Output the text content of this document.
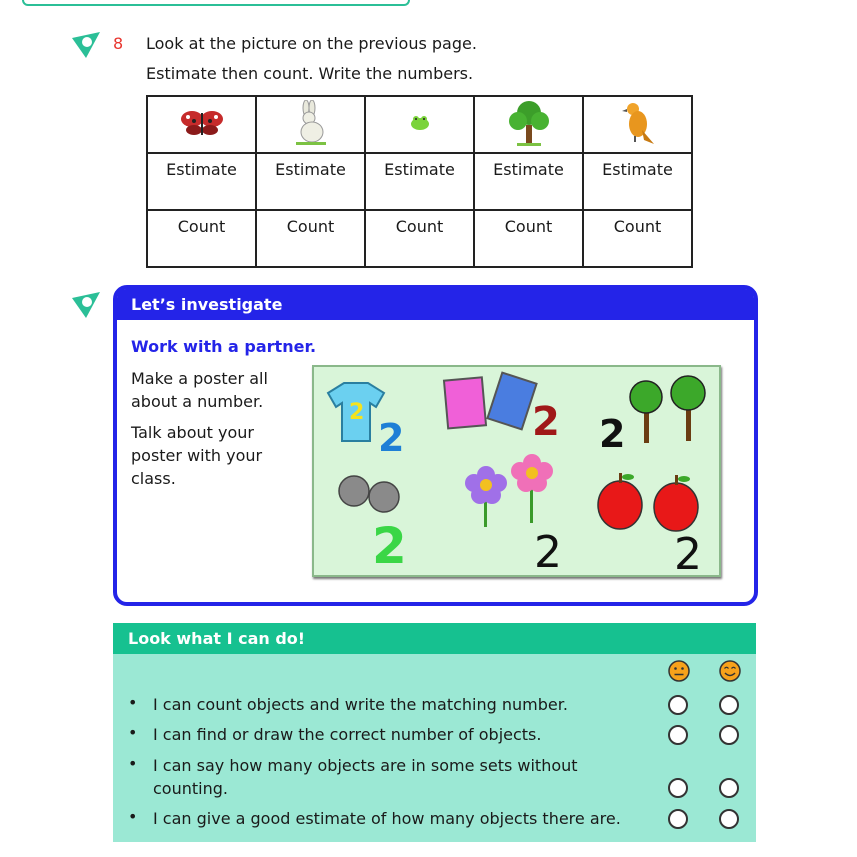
8 Look at the picture on the previous page.
Estimate then count. Write the numbers.

Estimate	Estimate	Estimate	Estimate	Estimate
Count	Count	Count	Count	Count
Let’s investigate
Work with a partner.
Make a poster all about a number.
Talk about your poster with your class.
2
2	2 2
2	2	2
Look what I can do!
• I can count objects and write the matching number.
• I can find or draw the correct number of objects.
• I can say how many objects are in some sets without counting.
• I can give a good estimate of how many objects there are.
